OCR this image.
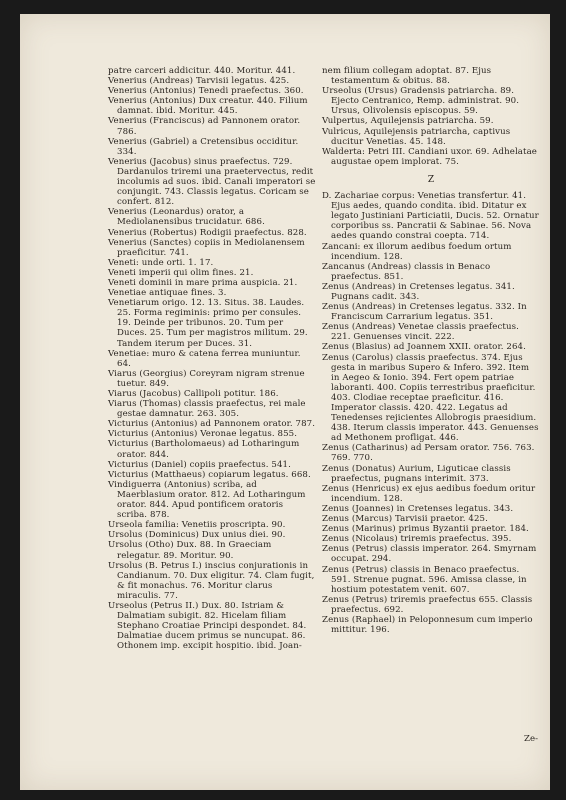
patre carceri addicitur. 440. Moritur. 441.

Venerius (Andreas) Tarvisii legatus. 425.

Venerius (Antonius) Tenedi praefectus. 360.

Venerius (Antonius) Dux creatur. 440. Filium damnat. ibid. Moritur. 445.

Venerius (Franciscus) ad Pannonem orator. 786.

Venerius (Gabriel) a Cretensibus occiditur. 334.

Venerius (Jacobus) sinus praefectus. 729. Dardanulos triremi una praetervectus, redit incolumis ad suos. ibid. Canali imperatori se conjungit. 743. Classis legatus. Coricam se confert. 812.

Venerius (Leonardus) orator, a Mediolanensibus trucidatur. 686.

Venerius (Robertus) Rodigii praefectus. 828.

Venerius (Sanctes) copiis in Mediolanensem praeficitur. 741.

Veneti: unde orti. 1. 17.

Veneti imperii qui olim fines. 21.

Veneti dominii in mare prima auspicia. 21.

Venetiae antiquae fines. 3.

Venetiarum origo. 12. 13. Situs. 38. Laudes. 25. Forma regiminis: primo per consules. 19. Deinde per tribunos. 20. Tum per Duces. 25. Tum per magistros militum. 29. Tandem iterum per Duces. 31.

Venetiae: muro & catena ferrea muniuntur. 64.

Viarus (Georgius) Coreyram nigram strenue tuetur. 849.

Viarus (Jacobus) Callipoli potitur. 186.

Viarus (Thomas) classis praefectus, rei male gestae damnatur. 263. 305.

Victurius (Antonius) ad Pannonem orator. 787.

Victurius (Antonius) Veronae legatus. 855.

Victurius (Bartholomaeus) ad Lotharingum orator. 844.

Victurius (Daniel) copiis praefectus. 541.

Victurius (Matthaeus) copiarum legatus. 668.

Vindiguerra (Antonius) scriba, ad Maerblasium orator. 812. Ad Lotharingum orator. 844. Apud pontificem oratoris scriba. 878.

Urseola familia: Venetiis proscripta. 90.

Ursolus (Dominicus) Dux unius diei. 90.

Ursolus (Otho) Dux. 88. In Graeciam relegatur. 89. Moritur. 90.

Ursolus (B. Petrus I.) inscius conjurationis in Candianum. 70. Dux eligitur. 74. Clam fugit, & fit monachus. 76. Moritur clarus miraculis. 77.

Urseolus (Petrus II.) Dux. 80. Istriam & Dalmatiam subigit. 82. Hicelam filiam Stephano Croatiae Principi despondet. 84. Dalmatiae ducem primus se nuncupat. 86. Othonem imp. excipit hospitio. ibid. Joan-

nem filium collegam adoptat. 87. Ejus testamentum & obitus. 88.

Urseolus (Ursus) Gradensis patriarcha. 89. Ejecto Centranico, Remp. administrat. 90. Ursus, Olivolensis episcopus. 59.

Vulpertus, Aquilejensis patriarcha. 59.

Vulricus, Aquilejensis patriarcha, captivus ducitur Venetias. 45. 148.

Walderta: Petri III. Candiani uxor. 69. Adhelatae augustae opem implorat. 75.

Z

D. Zachariae corpus: Venetias transfertur. 41. Ejus aedes, quando condita. ibid. Ditatur ex legato Justiniani Particiatii, Ducis. 52. Ornatur corporibus ss. Pancratii & Sabinae. 56. Nova aedes quando constrai coepta. 714.

Zancani: ex illorum aedibus foedum ortum incendium. 128.

Zancanus (Andreas) classis in Benaco praefectus. 851.

Zenus (Andreas) in Cretenses legatus. 341. Pugnans cadit. 343.

Zenus (Andreas) in Cretenses legatus. 332. In Franciscum Carrarium legatus. 351.

Zenus (Andreas) Venetae classis praefectus. 221. Genuenses vincit. 222.

Zenus (Blasius) ad Joannem XXII. orator. 264.

Zenus (Carolus) classis praefectus. 374. Ejus gesta in maribus Supero & Infero. 392. Item in Aegeo & Ionio. 394. Fert opem patriae laboranti. 400. Copiis terrestribus praeficitur. 403. Clodiae receptae praeficitur. 416. Imperator classis. 420. 422. Legatus ad Tenedenses rejicientes Allobrogis praesidium. 438. Iterum classis imperator. 443. Genuenses ad Methonem profligat. 446.

Zenus (Catharinus) ad Persam orator. 756. 763. 769. 770.

Zenus (Donatus) Aurium, Liguticae classis praefectus, pugnans interimit. 373.

Zenus (Henricus) ex ejus aedibus foedum oritur incendium. 128.

Zenus (Joannes) in Cretenses legatus. 343.

Zenus (Marcus) Tarvisii praetor. 425.

Zenus (Marinus) primus Byzantii praetor. 184.

Zenus (Nicolaus) triremis praefectus. 395.

Zenus (Petrus) classis imperator. 264. Smyrnam occupat. 294.

Zenus (Petrus) classis in Benaco praefectus. 591. Strenue pugnat. 596. Amissa classe, in hostium potestatem venit. 607.

Zenus (Petrus) triremis praefectus 655. Classis praefectus. 692.

Zenus (Raphael) in Peloponnesum cum imperio mittitur. 196.

Ze-
